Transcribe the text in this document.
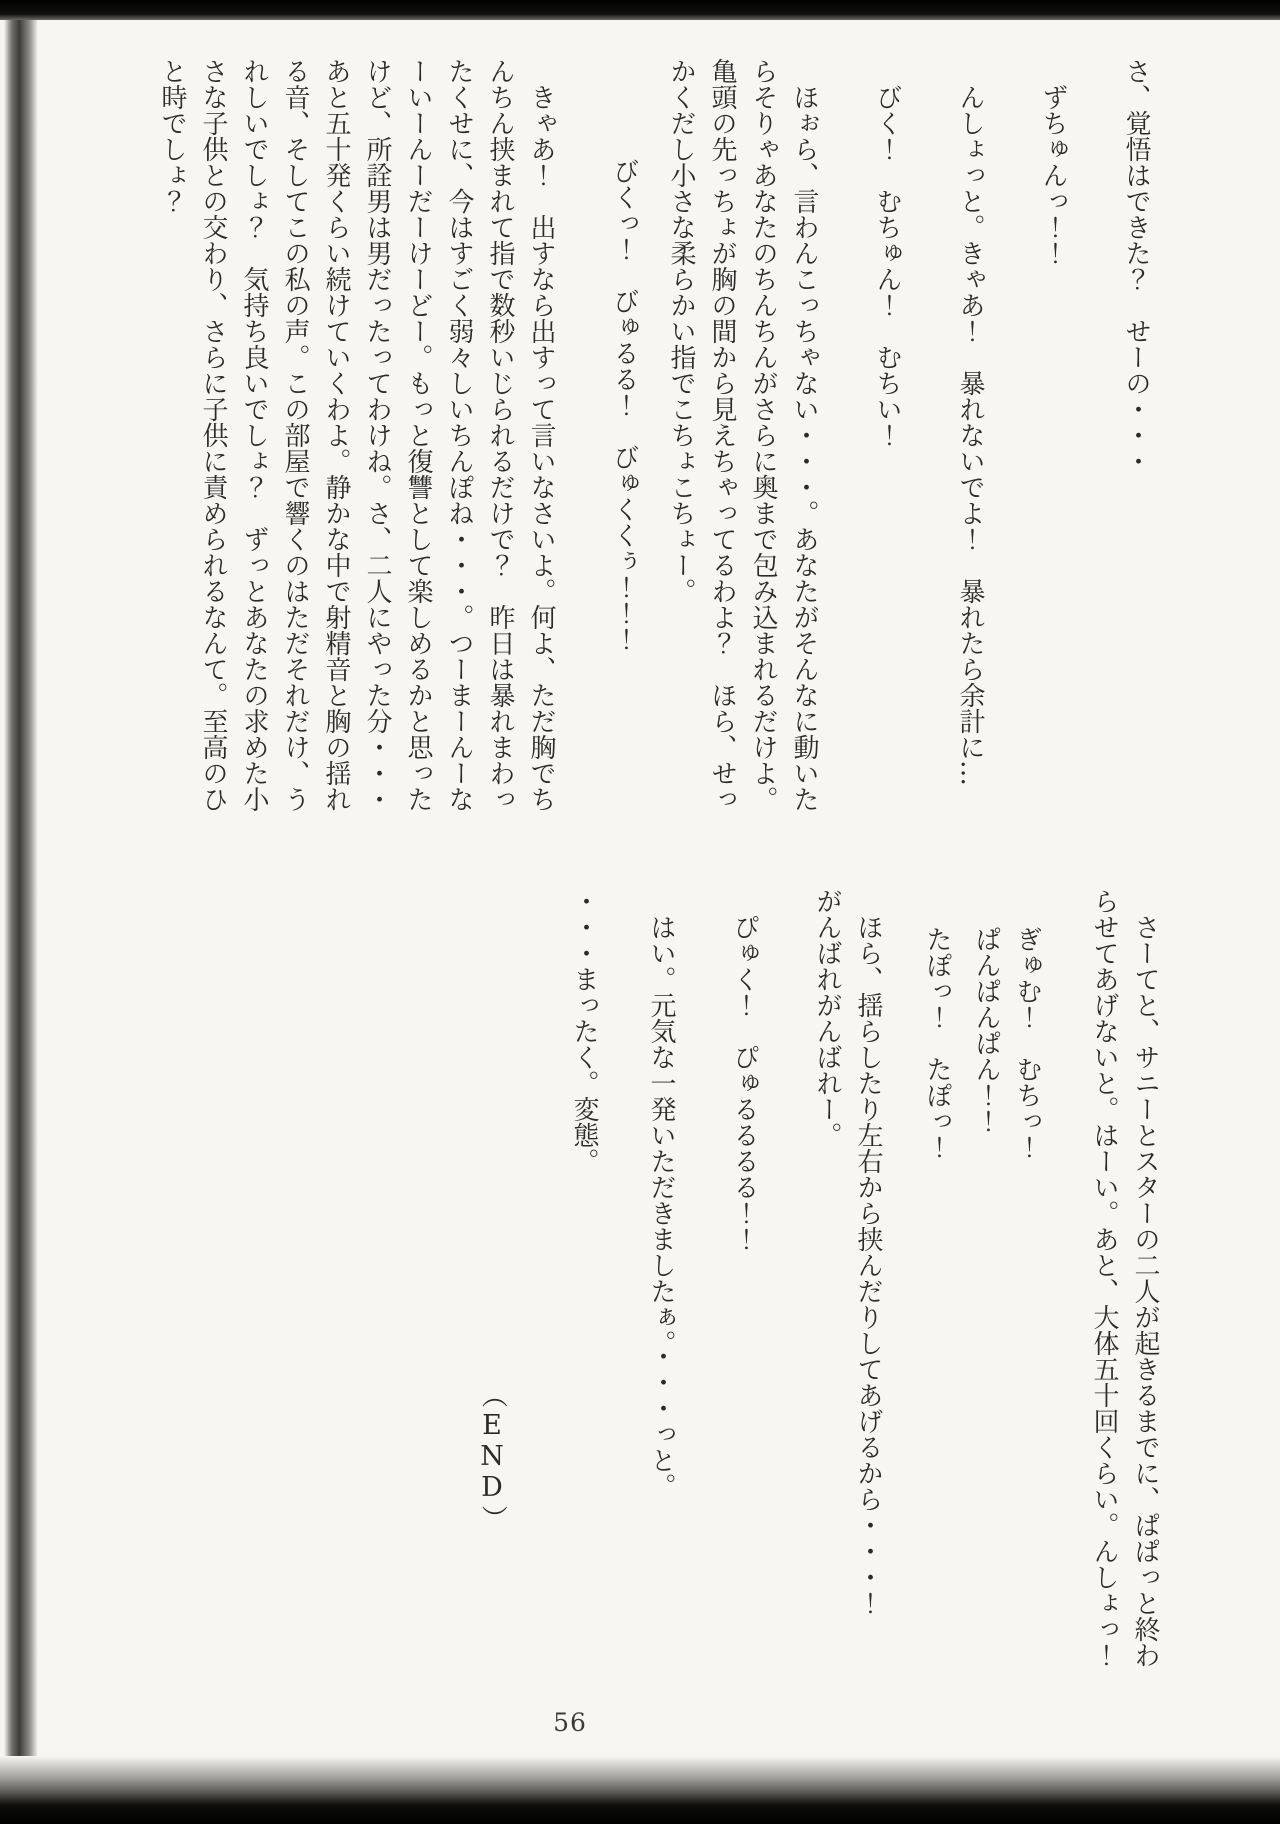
さ、覚悟はできた？　せーの・・・

ずちゅんっ！！

んしょっと。きゃあ！　暴れないでよ！　暴れたら余計に…

びく！　むちゅん！　むちい！

ほぉら、言わんこっちゃない・・・。あなたがそんなに動いたらそりゃあなたのちんちんがさらに奥まで包み込まれるだけよ。亀頭の先っちょが胸の間から見えちゃってるわよ？　ほら、せっかくだし小さな柔らかい指でこちょこちょー。

びくっ！　びゅるる！　びゅくくぅ！！！

きゃあ！　出すなら出すって言いなさいよ。何よ、ただ胸でちんちん挟まれて指で数秒いじられるだけで？　昨日は暴れまわったくせに、今はすごく弱々しいちんぽね・・・。つーまーんーなーいーんーだーけーどー。もっと復讐として楽しめるかと思ったけど、所詮男は男だったってわけね。さ、二人にやった分・・・あと五十発くらい続けていくわよ。静かな中で射精音と胸の揺れる音、そしてこの私の声。この部屋で響くのはただそれだけ、うれしいでしょ？　気持ち良いでしょ？　ずっとあなたの求めた小さな子供との交わり、さらに子供に責められるなんて。至高のひと時でしょ？

さーてと、サニーとスターの二人が起きるまでに、ぱぱっと終わらせてあげないと。はーい。あと、大体五十回くらい。んしょっ！

ぎゅむ！　むちっ！

ぱんぱんぱん！！

たぽっ！　たぽっ！

ほら、揺らしたり左右から挟んだりしてあげるから・・・！
がんばれがんばれー。

ぴゅく！　ぴゅるるるる！！

はい。元気な一発いただきましたぁ。・・・っと。

・・・まったく。変態。

（
E
N
D
）
56
